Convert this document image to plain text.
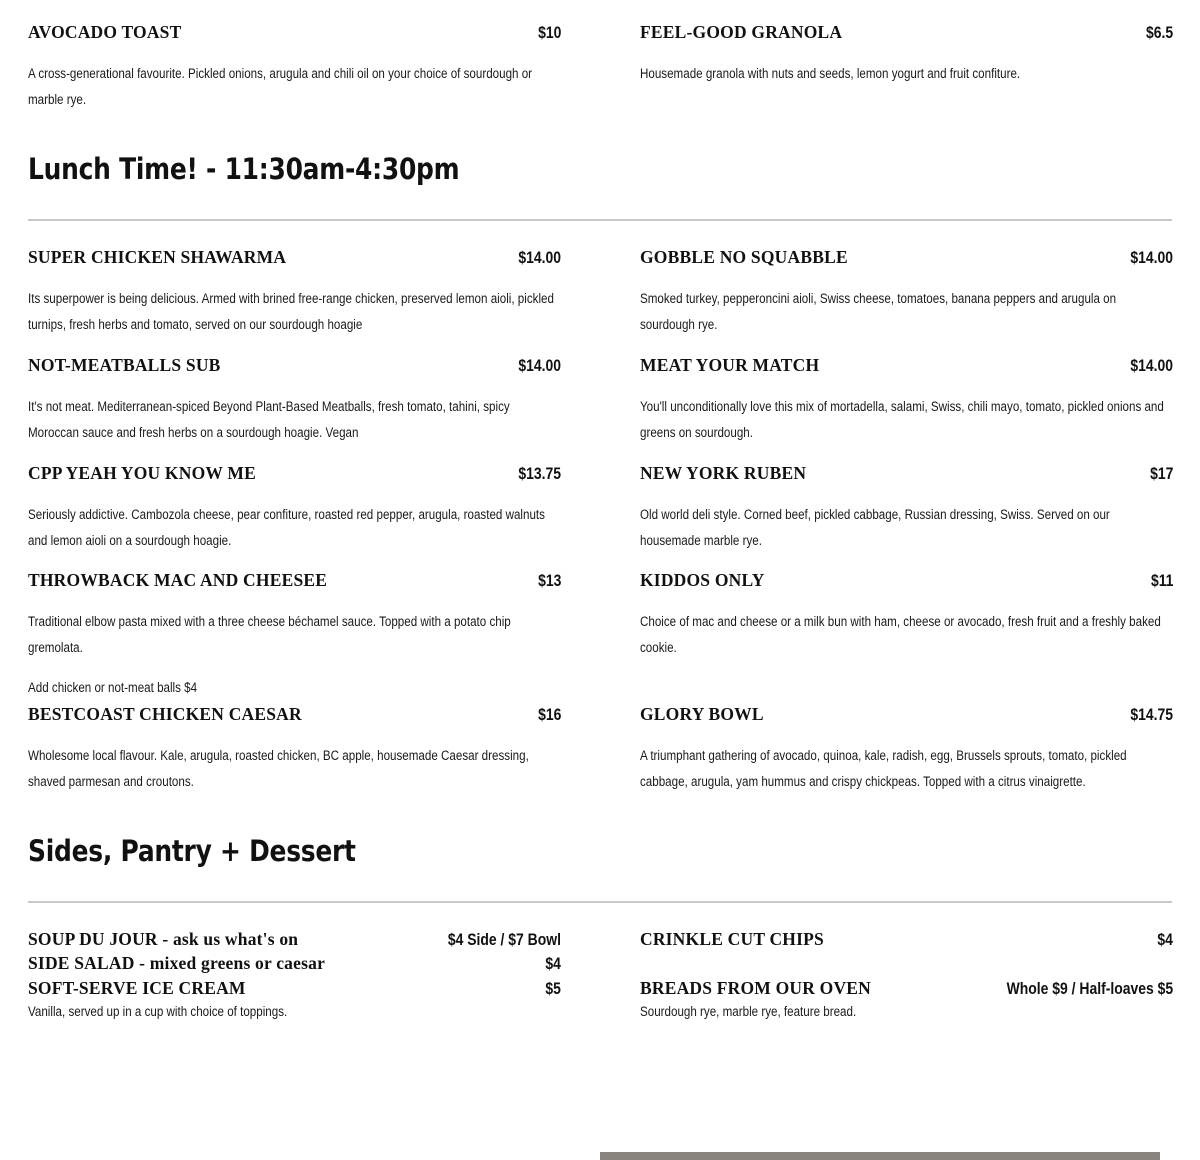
AVOCADO TOAST	$10
A cross-generational favourite. Pickled onions, arugula and chili oil on your choice of sourdough or marble rye.
FEEL-GOOD GRANOLA	$6.5
Housemade granola with nuts and seeds, lemon yogurt and fruit confiture.
Lunch Time! - 11:30am-4:30pm
SUPER CHICKEN SHAWARMA	$14.00
Its superpower is being delicious. Armed with brined free-range chicken, preserved lemon aioli, pickled turnips, fresh herbs and tomato, served on our sourdough hoagie
NOT-MEATBALLS SUB	$14.00
It's not meat. Mediterranean-spiced Beyond Plant-Based Meatballs, fresh tomato, tahini, spicy Moroccan sauce and fresh herbs on a sourdough hoagie. Vegan
CPP YEAH YOU KNOW ME	$13.75
Seriously addictive. Cambozola cheese, pear confiture, roasted red pepper, arugula, roasted walnuts and lemon aioli on a sourdough hoagie.
THROWBACK MAC AND CHEESEE	$13
Traditional elbow pasta mixed with a three cheese béchamel sauce. Topped with a potato chip gremolata.
Add chicken or not-meat balls $4
BESTCOAST CHICKEN CAESAR	$16
Wholesome local flavour. Kale, arugula, roasted chicken, BC apple, housemade Caesar dressing, shaved parmesan and croutons.
GOBBLE NO SQUABBLE	$14.00
Smoked turkey, pepperoncini aioli, Swiss cheese, tomatoes, banana peppers and arugula on sourdough rye.
MEAT YOUR MATCH	$14.00
You'll unconditionally love this mix of mortadella, salami, Swiss, chili mayo, tomato, pickled onions and greens on sourdough.
NEW YORK RUBEN	$17
Old world deli style. Corned beef, pickled cabbage, Russian dressing, Swiss. Served on our housemade marble rye.
KIDDOS ONLY	$11
Choice of mac and cheese or a milk bun with ham, cheese or avocado, fresh fruit and a freshly baked cookie.
GLORY BOWL	$14.75
A triumphant gathering of avocado, quinoa, kale, radish, egg, Brussels sprouts, tomato, pickled cabbage, arugula, yam hummus and crispy chickpeas. Topped with a citrus vinaigrette.
Sides, Pantry + Dessert
SOUP DU JOUR - ask us what's on	$4 Side / $7 Bowl
SIDE SALAD - mixed greens or caesar	$4
SOFT-SERVE ICE CREAM	$5
Vanilla, served up in a cup with choice of toppings.
CRINKLE CUT CHIPS	$4
BREADS FROM OUR OVEN	Whole $9 / Half-loaves $5
Sourdough rye, marble rye, feature bread.
